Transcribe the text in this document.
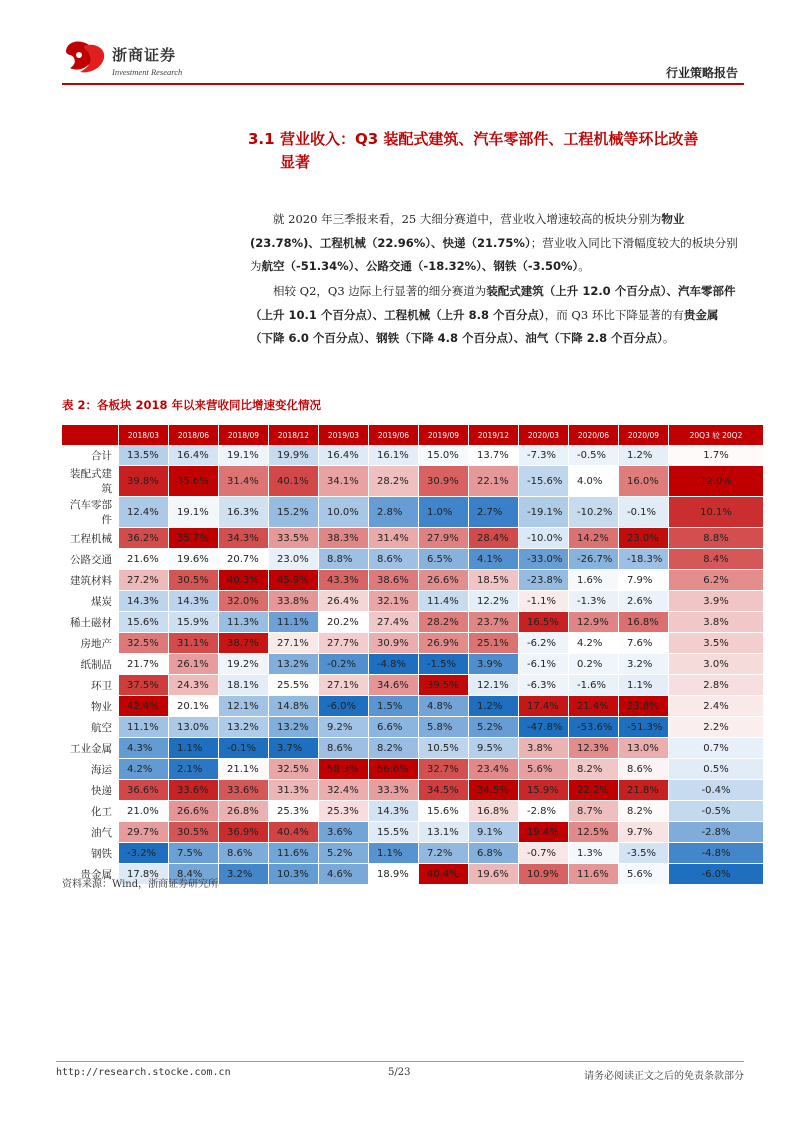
浙商证券
Investment Research	行业策略报告
3.1 营业收入：Q3 装配式建筑、汽车零部件、工程机械等环比改善
显著
就 2020 年三季报来看，25 大细分赛道中，营业收入增速较高的板块分别为物业(23.78%)、工程机械（22.96%）、快递（21.75%）；营业收入同比下滑幅度较大的板块分别为航空（-51.34%）、公路交通（-18.32%）、钢铁（-3.50%）。
相较 Q2，Q3 边际上行显著的细分赛道为装配式建筑（上升 12.0 个百分点）、汽车零部件（上升 10.1 个百分点）、工程机械（上升 8.8 个百分点），而 Q3 环比下降显著的有贵金属（下降 6.0 个百分点）、钢铁（下降 4.8 个百分点）、油气（下降 2.8 个百分点）。
表 2：各板块 2018 年以来营收同比增速变化情况
	2018/03	2018/06	2018/09	2018/12	2019/03	2019/06	2019/09	2019/12	2020/03	2020/06	2020/09	20Q3 较 20Q2
合计	13.5%	16.4%	19.1%	19.9%	16.4%	16.1%	15.0%	13.7%	-7.3%	-0.5%	1.2%	1.7%
装配式建筑	39.8%	35.6%	31.4%	40.1%	34.1%	28.2%	30.9%	22.1%	-15.6%	4.0%	16.0%	12.0%
汽车零部件	12.4%	19.1%	16.3%	15.2%	10.0%	2.8%	1.0%	2.7%	-19.1%	-10.2%	-0.1%	10.1%
工程机械	36.2%	35.7%	34.3%	33.5%	38.3%	31.4%	27.9%	28.4%	-10.0%	14.2%	23.0%	8.8%
公路交通	21.6%	19.6%	20.7%	23.0%	8.8%	8.6%	6.5%	4.1%	-33.0%	-26.7%	-18.3%	8.4%
建筑材料	27.2%	30.5%	40.3%	45.9%	43.3%	38.6%	26.6%	18.5%	-23.8%	1.6%	7.9%	6.2%
煤炭	14.3%	14.3%	32.0%	33.8%	26.4%	32.1%	11.4%	12.2%	-1.1%	-1.3%	2.6%	3.9%
稀土磁材	15.6%	15.9%	11.3%	11.1%	20.2%	27.4%	28.2%	23.7%	16.5%	12.9%	16.8%	3.8%
房地产	32.5%	31.1%	38.7%	27.1%	27.7%	30.9%	26.9%	25.1%	-6.2%	4.2%	7.6%	3.5%
纸制品	21.7%	26.1%	19.2%	13.2%	-0.2%	-4.8%	-1.5%	3.9%	-6.1%	0.2%	3.2%	3.0%
环卫	37.5%	24.3%	18.1%	25.5%	27.1%	34.6%	39.5%	12.1%	-6.3%	-1.6%	1.1%	2.8%
物业	42.4%	20.1%	12.1%	14.8%	-6.0%	1.5%	4.8%	1.2%	17.4%	21.4%	23.8%	2.4%
航空	11.1%	13.0%	13.2%	13.2%	9.2%	6.6%	5.8%	5.2%	-47.8%	-53.6%	-51.3%	2.2%
工业金属	4.3%	1.1%	-0.1%	3.7%	8.6%	8.2%	10.5%	9.5%	3.8%	12.3%	13.0%	0.7%
海运	4.2%	2.1%	21.1%	32.5%	58.3%	56.6%	32.7%	23.4%	5.6%	8.2%	8.6%	0.5%
快递	36.6%	33.6%	33.6%	31.3%	32.4%	33.3%	34.5%	34.5%	15.9%	22.2%	21.8%	-0.4%
化工	21.0%	26.6%	26.8%	25.3%	25.3%	14.3%	15.6%	16.8%	-2.8%	8.7%	8.2%	-0.5%
油气	29.7%	30.5%	36.9%	40.4%	3.6%	15.5%	13.1%	9.1%	19.4%	12.5%	9.7%	-2.8%
钢铁	-3.2%	7.5%	8.6%	11.6%	5.2%	1.1%	7.2%	6.8%	-0.7%	1.3%	-3.5%	-4.8%
贵金属	17.8%	8.4%	3.2%	10.3%	4.6%	18.9%	40.4%	19.6%	10.9%	11.6%	5.6%	-6.0%
资料来源：Wind，浙商证券研究所
http://research.stocke.com.cn	5/23	请务必阅读正文之后的免责条款部分
